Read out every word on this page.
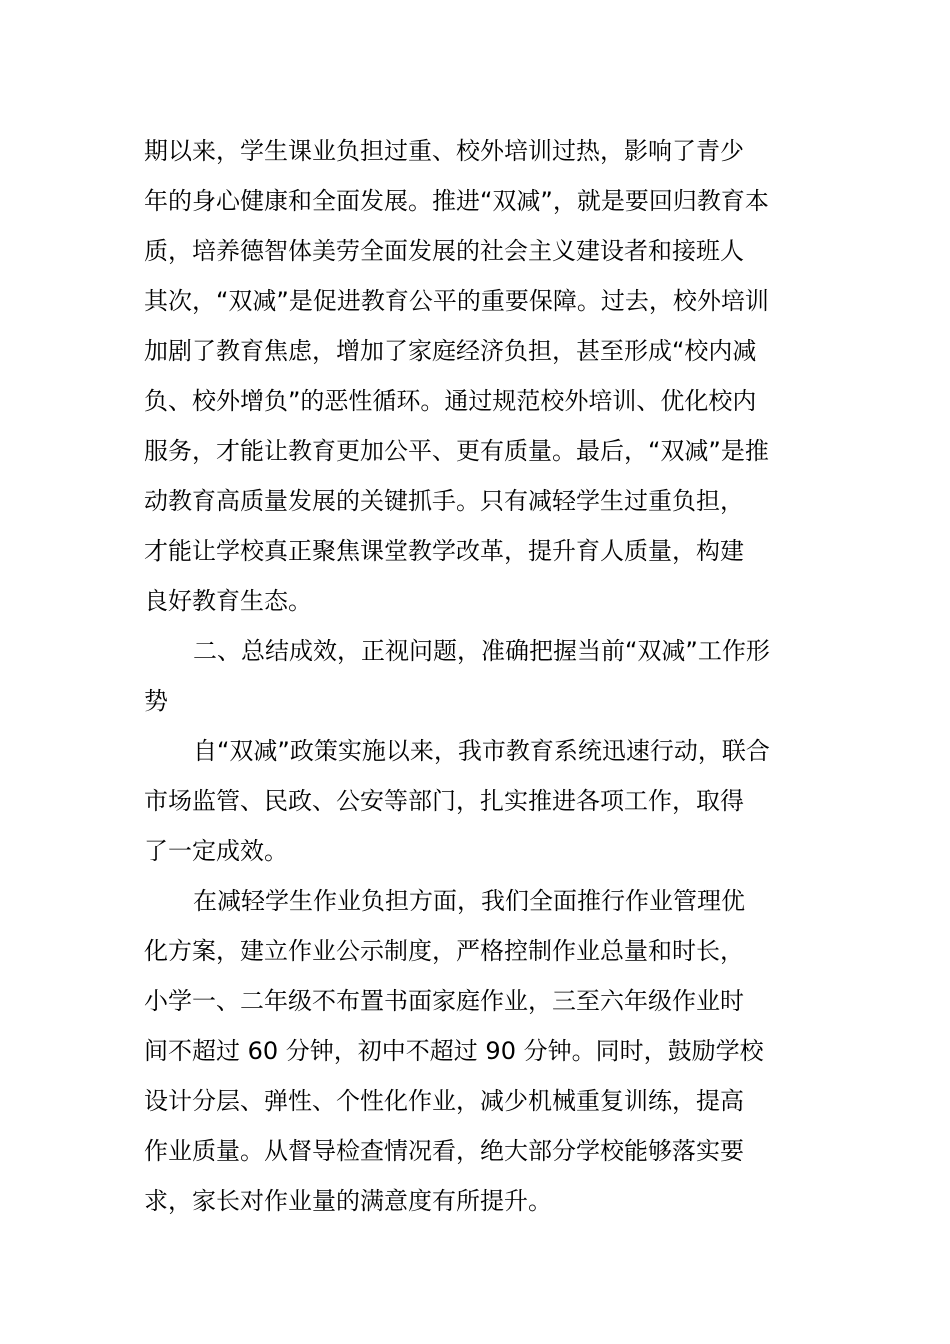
期以来，学生课业负担过重、校外培训过热，影响了青少
年的身心健康和全面发展。推进“双减”，就是要回归教育本
质，培养德智体美劳全面发展的社会主义建设者和接班人
其次，“双减”是促进教育公平的重要保障。过去，校外培训
加剧了教育焦虑，增加了家庭经济负担，甚至形成“校内减
负、校外增负”的恶性循环。通过规范校外培训、优化校内
服务，才能让教育更加公平、更有质量。最后，“双减”是推
动教育高质量发展的关键抓手。只有减轻学生过重负担，
才能让学校真正聚焦课堂教学改革，提升育人质量，构建
良好教育生态。
二、总结成效，正视问题，准确把握当前“双减”工作形
势
自“双减”政策实施以来，我市教育系统迅速行动，联合
市场监管、民政、公安等部门，扎实推进各项工作，取得
了一定成效。
在减轻学生作业负担方面，我们全面推行作业管理优
化方案，建立作业公示制度，严格控制作业总量和时长，
小学一、二年级不布置书面家庭作业，三至六年级作业时
间不超过 60 分钟，初中不超过 90 分钟。同时，鼓励学校
设计分层、弹性、个性化作业，减少机械重复训练，提高
作业质量。从督导检查情况看，绝大部分学校能够落实要
求，家长对作业量的满意度有所提升。
